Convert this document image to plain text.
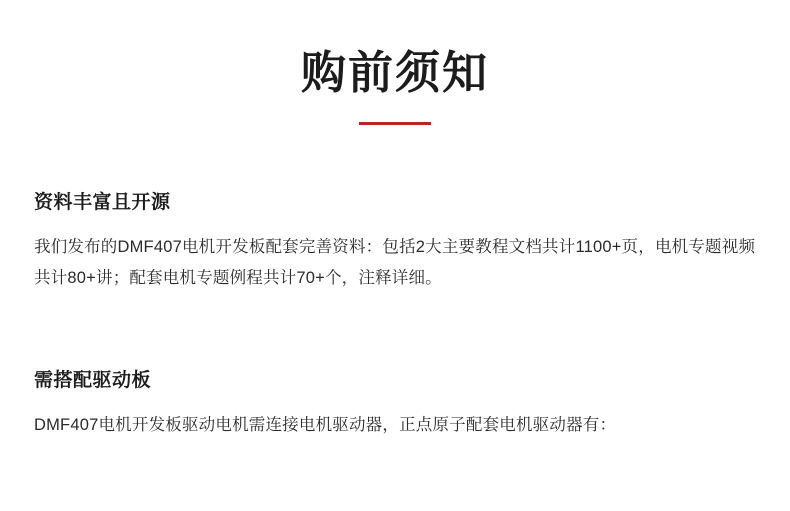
购前须知
资料丰富且开源

我们发布的DMF407电机开发板配套完善资料：包括2大主要教程文档共计1100+页，电机专题视频共计80+讲；配套电机专题例程共计70+个，注释详细。

需搭配驱动板

DMF407电机开发板驱动电机需连接电机驱动器，正点原子配套电机驱动器有：
